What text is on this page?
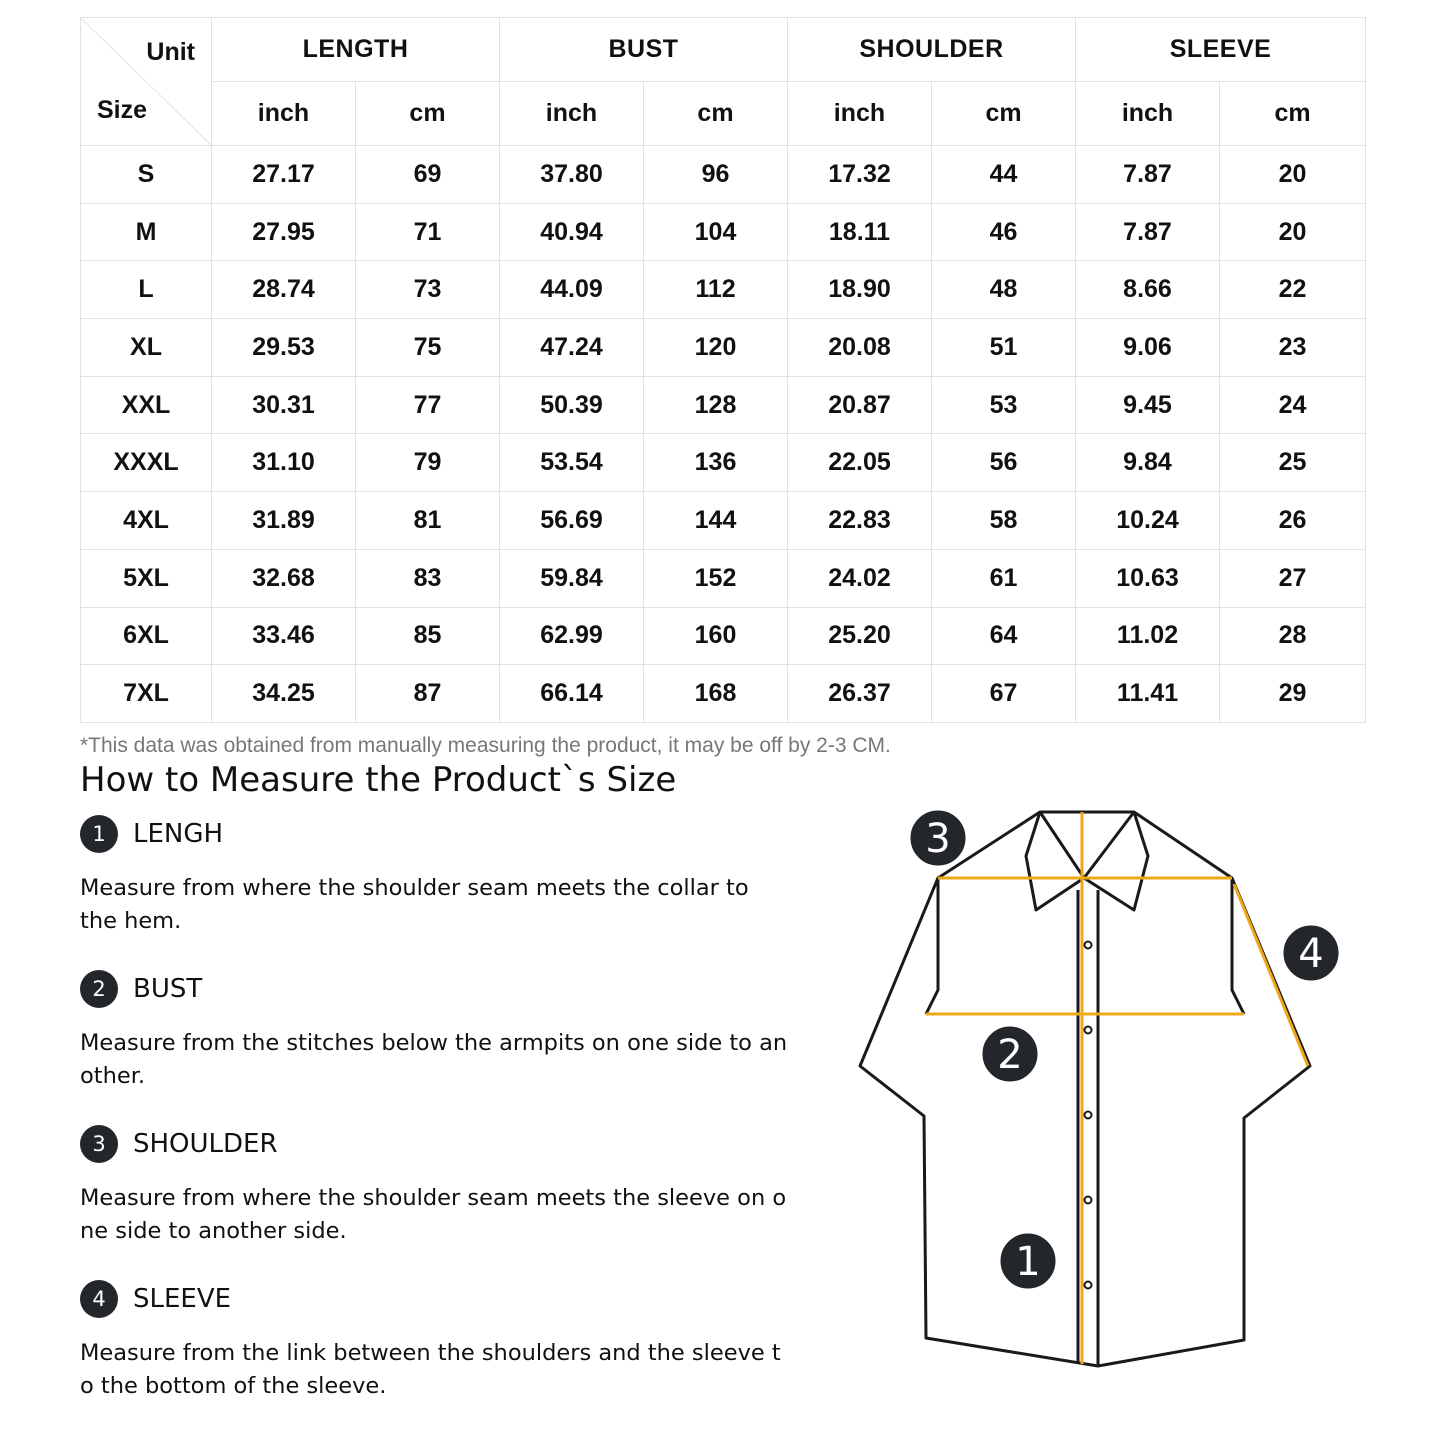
Unit
Size	LENGTH		BUST		SHOULDER		SLEEVE	
	inch	cm	inch	cm	inch	cm	inch	cm
S	27.17	69	37.80	96	17.32	44	7.87	20
M	27.95	71	40.94	104	18.11	46	7.87	20
L	28.74	73	44.09	112	18.90	48	8.66	22
XL	29.53	75	47.24	120	20.08	51	9.06	23
XXL	30.31	77	50.39	128	20.87	53	9.45	24
XXXL	31.10	79	53.54	136	22.05	56	9.84	25
4XL	31.89	81	56.69	144	22.83	58	10.24	26
5XL	32.68	83	59.84	152	24.02	61	10.63	27
6XL	33.46	85	62.99	160	25.20	64	11.02	28
7XL	34.25	87	66.14	168	26.37	67	11.41	29
*This data was obtained from manually measuring the product, it may be off by 2-3 CM.
How to Measure the Product`s Size
1	LENGH
Measure from where the shoulder seam meets the collar to the hem.
2	BUST
Measure from the stitches below the armpits on one side to an other.
3	SHOULDER
Measure from where the shoulder seam meets the sleeve on o ne side to another side.
4	SLEEVE
Measure from the link between the shoulders and the sleeve t o the bottom of the sleeve.
3
4
2
1
